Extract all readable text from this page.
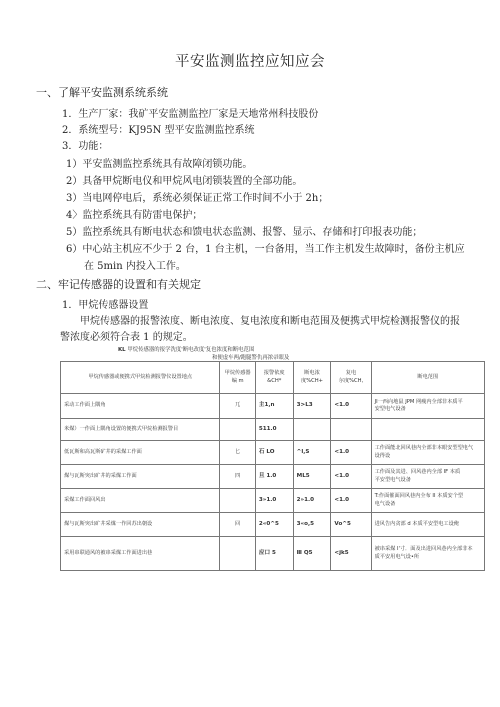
平安监测监控应知应会
一、了解平安监测系统系统
1．生产厂家：我矿平安监测监控厂家是天地常州科技股份
2．系统型号：KJ95N 型平安监测监控系统
3．功能：
1）平安监测监控系统具有故障闭锁功能。
2）具备甲烷断电仪和甲烷风电闭锁装置的全部功能。
3）当电网停电后，系统必须保证正常工作时间不小于 2h；
4〉监控系统具有防雷电保护；
5）监控系统具有断电状态和馈电状态监测、报警、显示、存储和打印报表功能；
6）中心站主机应不少于 2 台，1 台主机，一台备用，当工作主机发生故障时，备份主机应
在 5min 内投入工作。
二、牢记传感器的设置和有关规定
1．甲烷传感器设置
甲烷传感器的报警浓度、断电浓度、复电浓度和断电范围及便携式甲烷检测报警仪的报
警浓度必须符合表 1 的规定。
KL 甲烷传感器的报学洗度'断电改度'复也浓度和断电范围
和便虚车两/跑腿警仇再浓帚眼及
甲烷传感器或便携式甲烷检测报警仪设置地点	甲烷传感器
编 m	报警依度
&CH*	断电浓
度%CH+	复电
尔度%CH,	断电范围
采动工作面上隅角	兀	主1,n	3>L3	<1.0	JI一西向地鼠 JPM 网瘦内全部非本质平
安型电气设备
米煤）一作面上隅角设置的便携式甲烷检测报警目		511.0			
低瓦斯和高瓦斯矿井的采煤工作面	匕	石 LO	^l,S	<1.0	工作面能北回风巷内全部非本眼安型型电气
设得设
煤与瓦斯突出矿井的采煤工作面	四	旦 1.0	ML5	<1.0	工作面及其进、回风巷内全部 IF 本质
平安型电气设备
采煤工作面回风出		3»1.0	2»1.0	<1.0	T:作面催面回风巷内全布 II 本质安个型
电气设备
煤与瓦斯突出矿井采煤一作回苏出朝设	回	2«0^5	3«o,5	Vo^5	进风告内贪部 d 本质平安型电工设俺
采用串联通风的被串采煤工作面进出巷		应口 5	Ⅲ Q5	<jk5	被串采煤 I'寸．面及出进回风巷内全部非本
质平安用电气设•所
